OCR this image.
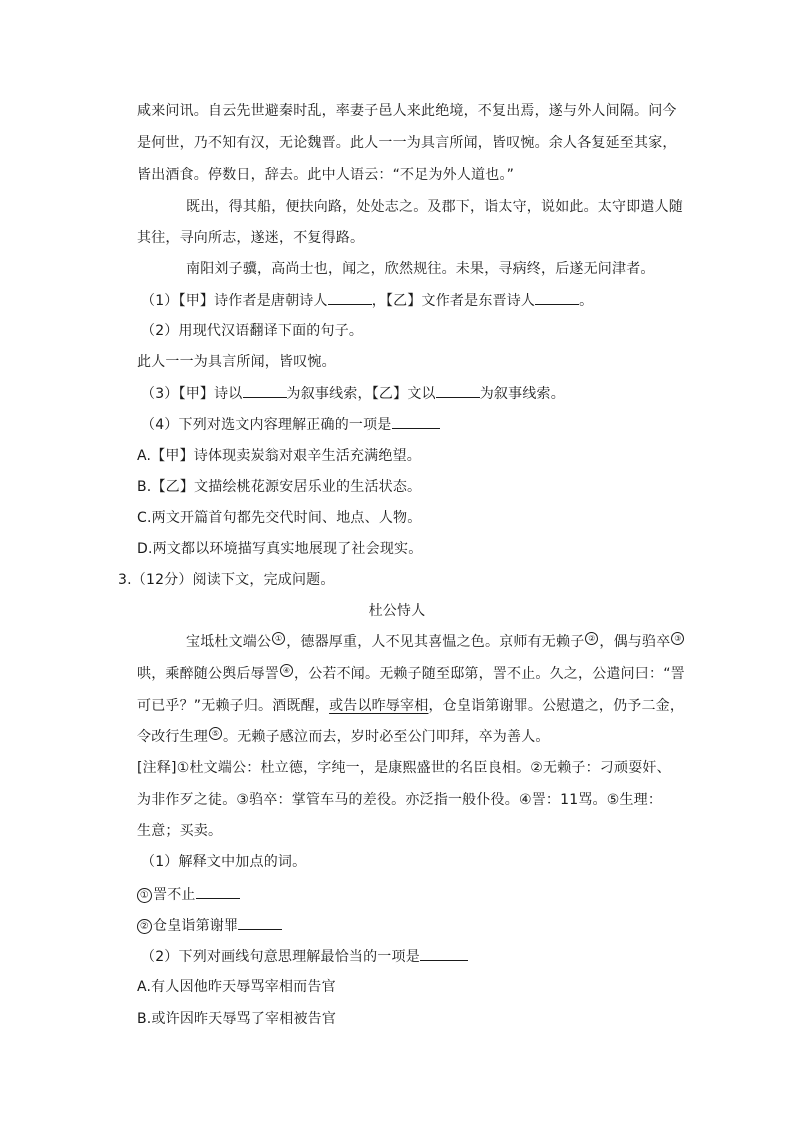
咸来问讯。自云先世避秦时乱，率妻子邑人来此绝境，不复出焉，遂与外人间隔。问今
是何世，乃不知有汉，无论魏晋。此人一一为具言所闻，皆叹惋。余人各复延至其家，
皆出酒食。停数日，辞去。此中人语云：“不足为外人道也。”
既出，得其船，便扶向路，处处志之。及郡下，诣太守，说如此。太守即遣人随
其往，寻向所志，遂迷，不复得路。
南阳刘子骥，高尚士也，闻之，欣然规往。未果，寻病终，后遂无问津者。
（1）【甲】诗作者是唐朝诗人	，【乙】文作者是东晋诗人	。
（2）用现代汉语翻译下面的句子。
此人一一为具言所闻，皆叹惋。
（3）【甲】诗以	为叙事线索，【乙】文以	为叙事线索。
（4）下列对选文内容理解正确的一项是
A.【甲】诗体现卖炭翁对艰辛生活充满绝望。
B.【乙】文描绘桃花源安居乐业的生活状态。
C.两文开篇首句都先交代时间、地点、人物。
D.两文都以环境描写真实地展现了社会现实。
3.（12分）阅读下文，完成问题。
杜公恃人
宝坻杜文端公 ① ，德器厚重，人不见其喜愠之色。京师有无赖子 ② ，偶与驺卒 ③
哄，乘醉随公舆后辱詈 ④ ，公若不闻。无赖子随至邸第，詈不止。久之，公遣问曰：“詈
可已乎？”无赖子归。酒既醒，或告以昨辱宰相，仓皇诣第谢罪。公慰遣之，仍予二金，
令改行生理 ⑤ 。无赖子感泣而去，岁时必至公门叩拜，卒为善人。
[注释]①杜文端公：杜立德，字纯一，是康熙盛世的名臣良相。②无赖子：刁顽耍奸、
为非作歹之徒。③驺卒：掌管车马的差役。亦泛指一般仆役。④詈：11骂。⑤生理：
生意；买卖。
（1）解释文中加点的词。
① 詈不止
② 仓皇诣第谢罪
（2）下列对画线句意思理解最恰当的一项是
A.有人因他昨天辱骂宰相而告官
B.或许因昨天辱骂了宰相被告官
